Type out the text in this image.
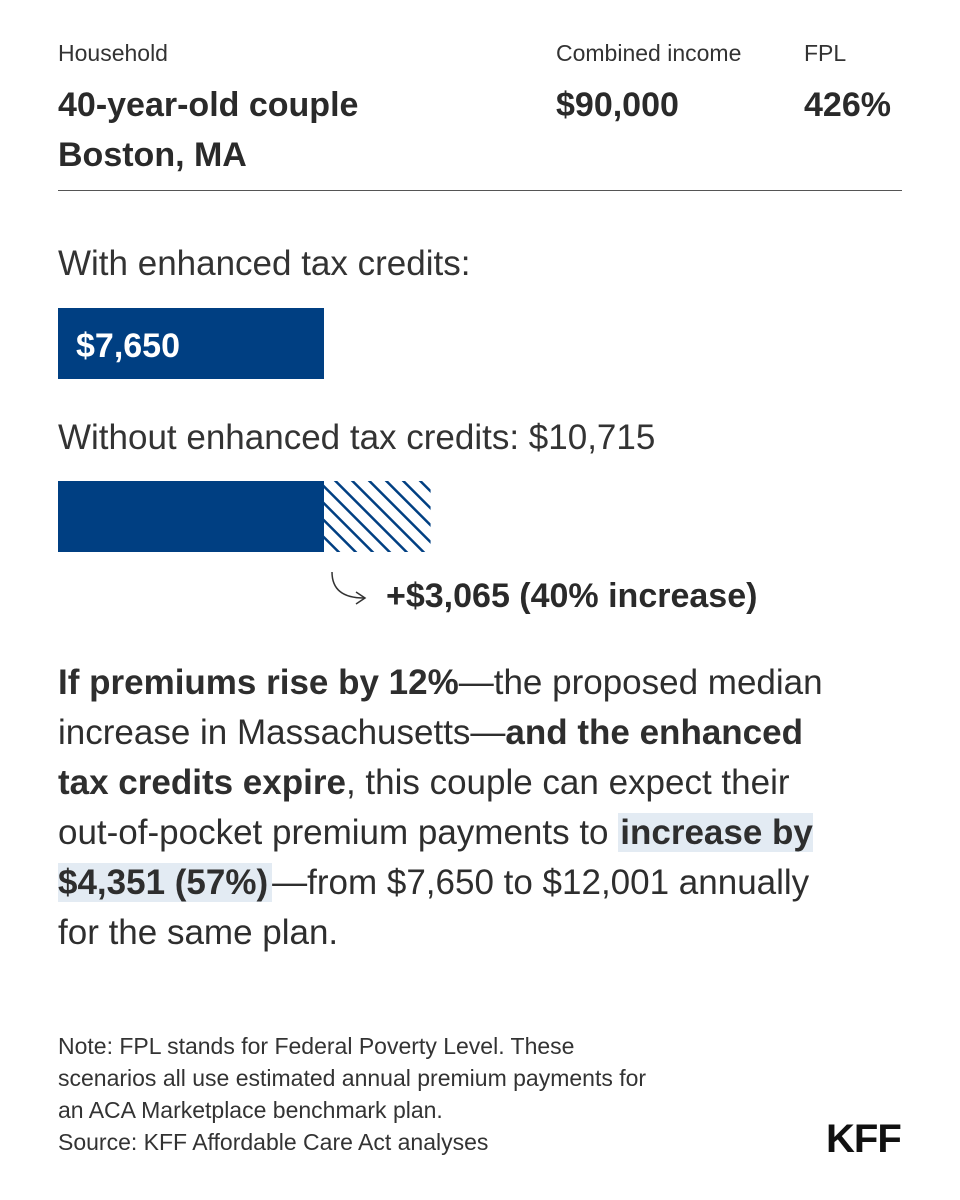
Household
40-year-old couple
Boston, MA
Combined income
$90,000
FPL
426%
With enhanced tax credits:
Without enhanced tax credits: $10,715
$7,650
+$3,065 (40% increase)
If premiums rise by 12%—the proposed median increase in Massachusetts—and the enhanced tax credits expire, this couple can expect their out-of-pocket premium payments to increase by $4,351 (57%) —from $7,650 to $12,001 annually for the same plan.
Note: FPL stands for Federal Poverty Level. These scenarios all use estimated annual premium payments for an ACA Marketplace benchmark plan.
Source: KFF Affordable Care Act analyses	KFF
